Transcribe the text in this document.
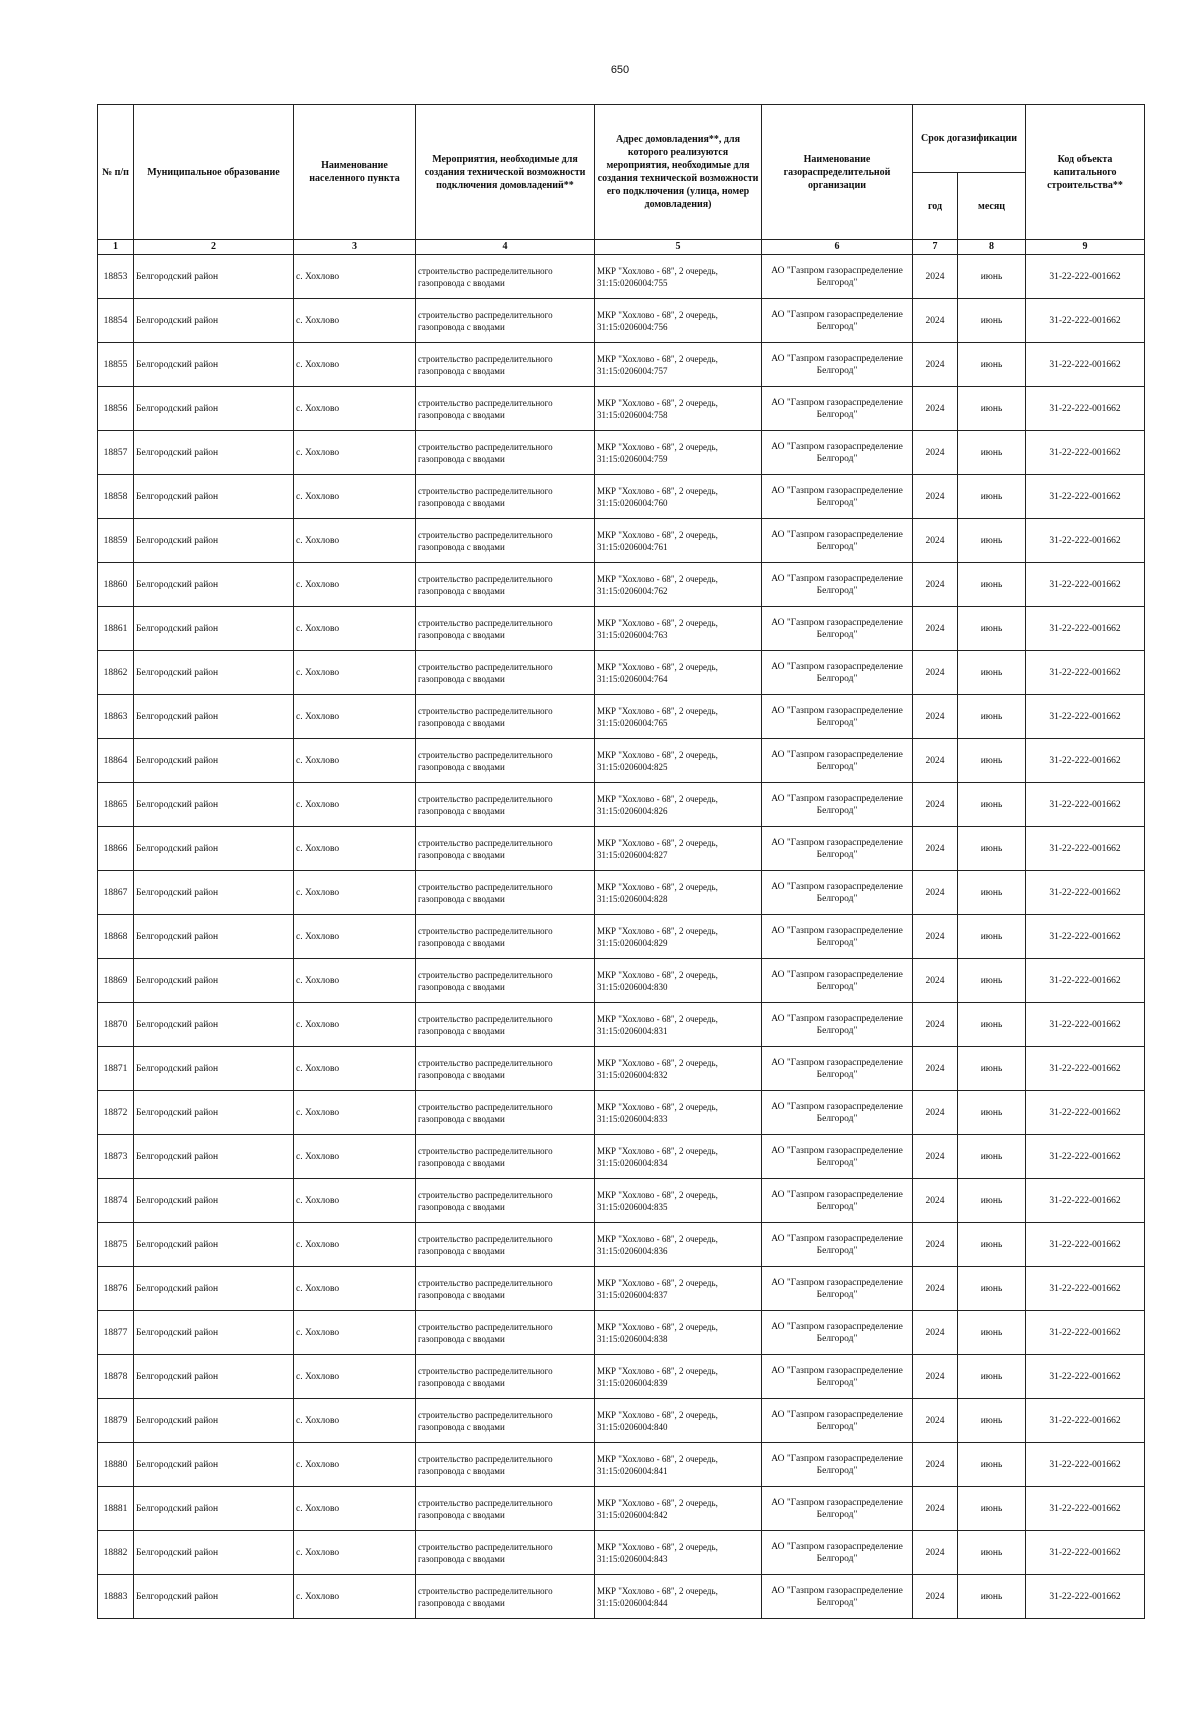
650
№ п/п	Муниципальное образование	Наименование населенного пункта	Мероприятия, необходимые для создания технической возможности подключения домовладений**	Адрес домовладения**, для которого реализуются мероприятия, необходимые для создания технической возможности его подключения (улица, номер домовладения)	Наименование газораспределительной организации	Срок догазификации		Код объекта капитального строительства**
						год	месяц	
1	2	3	4	5	6	7	8	9
18853	Белгородский район	с. Хохлово	строительство распределительного газопровода с вводами	МКР "Хохлово - 68", 2 очередь, 31:15:0206004:755	АО "Газпром газораспределение Белгород"	2024	июнь	31-22-222-001662
18854	Белгородский район	с. Хохлово	строительство распределительного газопровода с вводами	МКР "Хохлово - 68", 2 очередь, 31:15:0206004:756	АО "Газпром газораспределение Белгород"	2024	июнь	31-22-222-001662
18855	Белгородский район	с. Хохлово	строительство распределительного газопровода с вводами	МКР "Хохлово - 68", 2 очередь, 31:15:0206004:757	АО "Газпром газораспределение Белгород"	2024	июнь	31-22-222-001662
18856	Белгородский район	с. Хохлово	строительство распределительного газопровода с вводами	МКР "Хохлово - 68", 2 очередь, 31:15:0206004:758	АО "Газпром газораспределение Белгород"	2024	июнь	31-22-222-001662
18857	Белгородский район	с. Хохлово	строительство распределительного газопровода с вводами	МКР "Хохлово - 68", 2 очередь, 31:15:0206004:759	АО "Газпром газораспределение Белгород"	2024	июнь	31-22-222-001662
18858	Белгородский район	с. Хохлово	строительство распределительного газопровода с вводами	МКР "Хохлово - 68", 2 очередь, 31:15:0206004:760	АО "Газпром газораспределение Белгород"	2024	июнь	31-22-222-001662
18859	Белгородский район	с. Хохлово	строительство распределительного газопровода с вводами	МКР "Хохлово - 68", 2 очередь, 31:15:0206004:761	АО "Газпром газораспределение Белгород"	2024	июнь	31-22-222-001662
18860	Белгородский район	с. Хохлово	строительство распределительного газопровода с вводами	МКР "Хохлово - 68", 2 очередь, 31:15:0206004:762	АО "Газпром газораспределение Белгород"	2024	июнь	31-22-222-001662
18861	Белгородский район	с. Хохлово	строительство распределительного газопровода с вводами	МКР "Хохлово - 68", 2 очередь, 31:15:0206004:763	АО "Газпром газораспределение Белгород"	2024	июнь	31-22-222-001662
18862	Белгородский район	с. Хохлово	строительство распределительного газопровода с вводами	МКР "Хохлово - 68", 2 очередь, 31:15:0206004:764	АО "Газпром газораспределение Белгород"	2024	июнь	31-22-222-001662
18863	Белгородский район	с. Хохлово	строительство распределительного газопровода с вводами	МКР "Хохлово - 68", 2 очередь, 31:15:0206004:765	АО "Газпром газораспределение Белгород"	2024	июнь	31-22-222-001662
18864	Белгородский район	с. Хохлово	строительство распределительного газопровода с вводами	МКР "Хохлово - 68", 2 очередь, 31:15:0206004:825	АО "Газпром газораспределение Белгород"	2024	июнь	31-22-222-001662
18865	Белгородский район	с. Хохлово	строительство распределительного газопровода с вводами	МКР "Хохлово - 68", 2 очередь, 31:15:0206004:826	АО "Газпром газораспределение Белгород"	2024	июнь	31-22-222-001662
18866	Белгородский район	с. Хохлово	строительство распределительного газопровода с вводами	МКР "Хохлово - 68", 2 очередь, 31:15:0206004:827	АО "Газпром газораспределение Белгород"	2024	июнь	31-22-222-001662
18867	Белгородский район	с. Хохлово	строительство распределительного газопровода с вводами	МКР "Хохлово - 68", 2 очередь, 31:15:0206004:828	АО "Газпром газораспределение Белгород"	2024	июнь	31-22-222-001662
18868	Белгородский район	с. Хохлово	строительство распределительного газопровода с вводами	МКР "Хохлово - 68", 2 очередь, 31:15:0206004:829	АО "Газпром газораспределение Белгород"	2024	июнь	31-22-222-001662
18869	Белгородский район	с. Хохлово	строительство распределительного газопровода с вводами	МКР "Хохлово - 68", 2 очередь, 31:15:0206004:830	АО "Газпром газораспределение Белгород"	2024	июнь	31-22-222-001662
18870	Белгородский район	с. Хохлово	строительство распределительного газопровода с вводами	МКР "Хохлово - 68", 2 очередь, 31:15:0206004:831	АО "Газпром газораспределение Белгород"	2024	июнь	31-22-222-001662
18871	Белгородский район	с. Хохлово	строительство распределительного газопровода с вводами	МКР "Хохлово - 68", 2 очередь, 31:15:0206004:832	АО "Газпром газораспределение Белгород"	2024	июнь	31-22-222-001662
18872	Белгородский район	с. Хохлово	строительство распределительного газопровода с вводами	МКР "Хохлово - 68", 2 очередь, 31:15:0206004:833	АО "Газпром газораспределение Белгород"	2024	июнь	31-22-222-001662
18873	Белгородский район	с. Хохлово	строительство распределительного газопровода с вводами	МКР "Хохлово - 68", 2 очередь, 31:15:0206004:834	АО "Газпром газораспределение Белгород"	2024	июнь	31-22-222-001662
18874	Белгородский район	с. Хохлово	строительство распределительного газопровода с вводами	МКР "Хохлово - 68", 2 очередь, 31:15:0206004:835	АО "Газпром газораспределение Белгород"	2024	июнь	31-22-222-001662
18875	Белгородский район	с. Хохлово	строительство распределительного газопровода с вводами	МКР "Хохлово - 68", 2 очередь, 31:15:0206004:836	АО "Газпром газораспределение Белгород"	2024	июнь	31-22-222-001662
18876	Белгородский район	с. Хохлово	строительство распределительного газопровода с вводами	МКР "Хохлово - 68", 2 очередь, 31:15:0206004:837	АО "Газпром газораспределение Белгород"	2024	июнь	31-22-222-001662
18877	Белгородский район	с. Хохлово	строительство распределительного газопровода с вводами	МКР "Хохлово - 68", 2 очередь, 31:15:0206004:838	АО "Газпром газораспределение Белгород"	2024	июнь	31-22-222-001662
18878	Белгородский район	с. Хохлово	строительство распределительного газопровода с вводами	МКР "Хохлово - 68", 2 очередь, 31:15:0206004:839	АО "Газпром газораспределение Белгород"	2024	июнь	31-22-222-001662
18879	Белгородский район	с. Хохлово	строительство распределительного газопровода с вводами	МКР "Хохлово - 68", 2 очередь, 31:15:0206004:840	АО "Газпром газораспределение Белгород"	2024	июнь	31-22-222-001662
18880	Белгородский район	с. Хохлово	строительство распределительного газопровода с вводами	МКР "Хохлово - 68", 2 очередь, 31:15:0206004:841	АО "Газпром газораспределение Белгород"	2024	июнь	31-22-222-001662
18881	Белгородский район	с. Хохлово	строительство распределительного газопровода с вводами	МКР "Хохлово - 68", 2 очередь, 31:15:0206004:842	АО "Газпром газораспределение Белгород"	2024	июнь	31-22-222-001662
18882	Белгородский район	с. Хохлово	строительство распределительного газопровода с вводами	МКР "Хохлово - 68", 2 очередь, 31:15:0206004:843	АО "Газпром газораспределение Белгород"	2024	июнь	31-22-222-001662
18883	Белгородский район	с. Хохлово	строительство распределительного газопровода с вводами	МКР "Хохлово - 68", 2 очередь, 31:15:0206004:844	АО "Газпром газораспределение Белгород"	2024	июнь	31-22-222-001662
